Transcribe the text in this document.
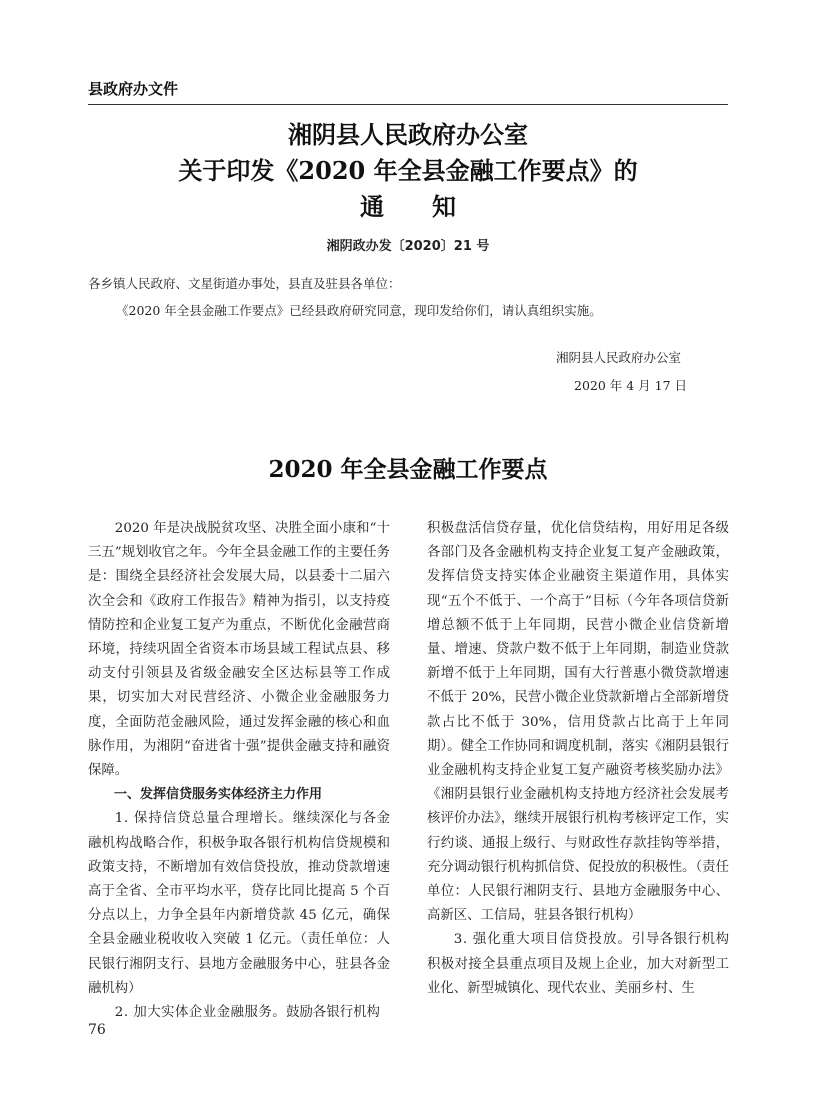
县政府办文件
湘阴县人民政府办公室
关于印发《2020 年全县金融工作要点》的
通　　知
湘阴政办发〔2020〕21 号
各乡镇人民政府、文星街道办事处，县直及驻县各单位：
《2020 年全县金融工作要点》已经县政府研究同意，现印发给你们，请认真组织实施。
湘阴县人民政府办公室
2020 年 4 月 17 日
2020 年全县金融工作要点

2020 年是决战脱贫攻坚、决胜全面小康和“十三五”规划收官之年。今年全县金融工作的主要任务是：围绕全县经济社会发展大局，以县委十二届六次全会和《政府工作报告》精神为指引，以支持疫情防控和企业复工复产为重点，不断优化金融营商环境，持续巩固全省资本市场县域工程试点县、移动支付引领县及省级金融安全区达标县等工作成果，切实加大对民营经济、小微企业金融服务力度，全面防范金融风险，通过发挥金融的核心和血脉作用，为湘阴“奋进省十强”提供金融支持和融资保障。

一、发挥信贷服务实体经济主力作用

1. 保持信贷总量合理增长。继续深化与各金融机构战略合作，积极争取各银行机构信贷规模和政策支持，不断增加有效信贷投放，推动贷款增速高于全省、全市平均水平，贷存比同比提高 5 个百分点以上，力争全县年内新增贷款 45 亿元，确保全县金融业税收收入突破 1 亿元。（责任单位：人民银行湘阴支行、县地方金融服务中心，驻县各金融机构）

2. 加大实体企业金融服务。鼓励各银行机构

积极盘活信贷存量，优化信贷结构，用好用足各级各部门及各金融机构支持企业复工复产金融政策，发挥信贷支持实体企业融资主渠道作用，具体实现“五个不低于、一个高于”目标（今年各项信贷新增总额不低于上年同期，民营小微企业信贷新增量、增速、贷款户数不低于上年同期，制造业贷款新增不低于上年同期，国有大行普惠小微贷款增速不低于 20%，民营小微企业贷款新增占全部新增贷款占比不低于 30%，信用贷款占比高于上年同期）。健全工作协同和调度机制，落实《湘阴县银行业金融机构支持企业复工复产融资考核奖励办法》《湘阴县银行业金融机构支持地方经济社会发展考核评价办法》，继续开展银行机构考核评定工作，实行约谈、通报上级行、与财政性存款挂钩等举措，充分调动银行机构抓信贷、促投放的积极性。（责任单位：人民银行湘阴支行、县地方金融服务中心、高新区、工信局，驻县各银行机构）

3. 强化重大项目信贷投放。引导各银行机构积极对接全县重点项目及规上企业，加大对新型工业化、新型城镇化、现代农业、美丽乡村、生

76
